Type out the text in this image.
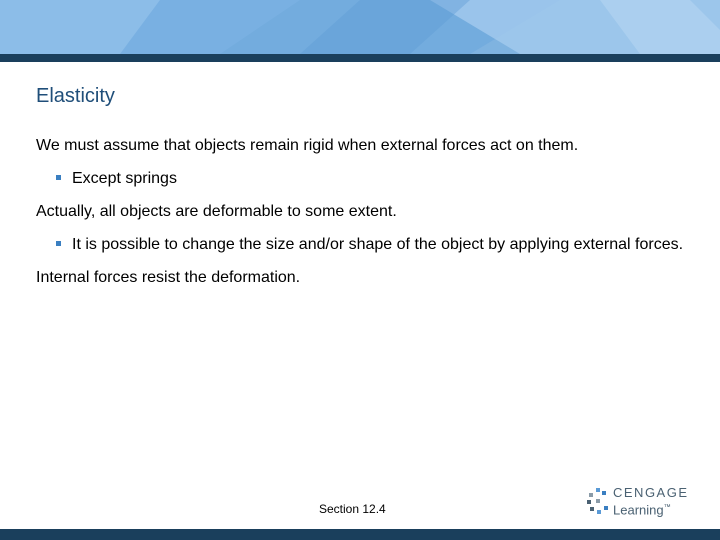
Elasticity

We must assume that objects remain rigid when external forces act on them.

Except springs

Actually, all objects are deformable to some extent.

It is possible to change the size and/or shape of the object by applying external forces.

Internal forces resist the deformation.

Section 12.4
CENGAGE
Learning™
